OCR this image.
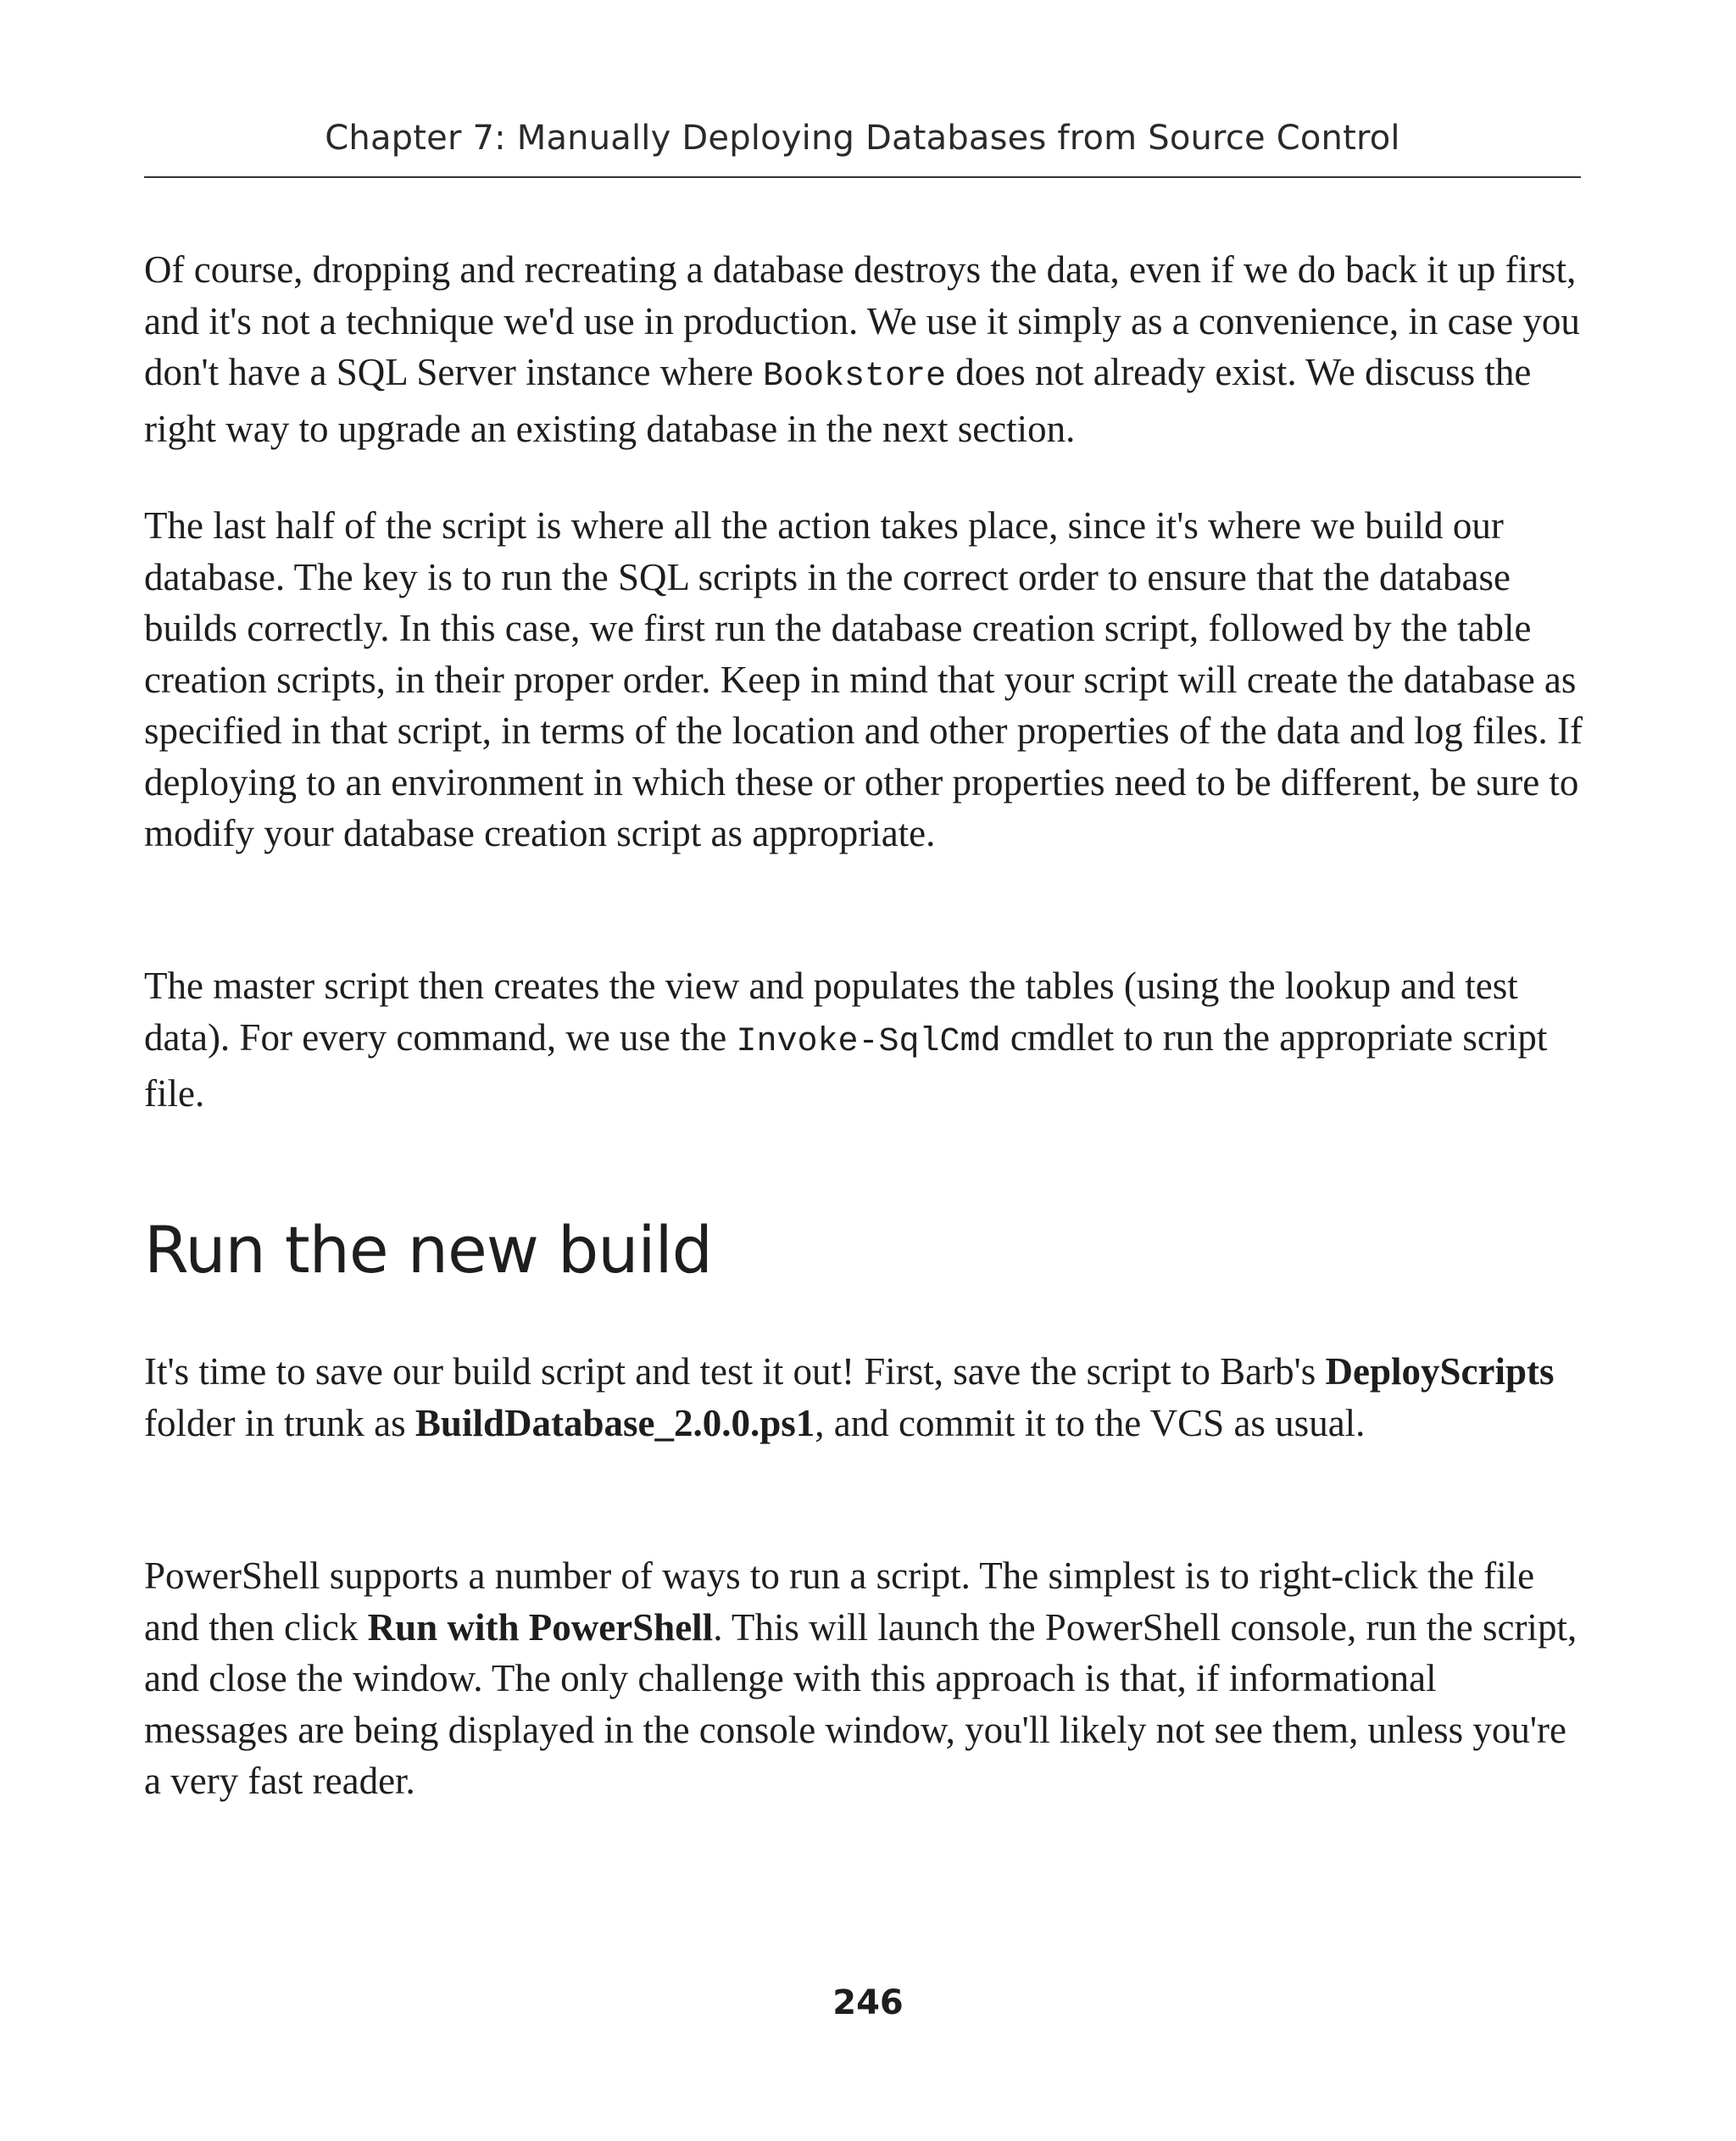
Chapter 7: Manually Deploying Databases from Source Control

Of course, dropping and recreating a database destroys the data, even if we do back it up first, and it's not a technique we'd use in production. We use it simply as a convenience, in case you don't have a SQL Server instance where Bookstore does not already exist. We discuss the right way to upgrade an existing database in the next section.

The last half of the script is where all the action takes place, since it's where we build our database. The key is to run the SQL scripts in the correct order to ensure that the database builds correctly. In this case, we first run the database creation script, followed by the table creation scripts, in their proper order. Keep in mind that your script will create the database as specified in that script, in terms of the location and other properties of the data and log files. If deploying to an environment in which these or other properties need to be different, be sure to modify your database creation script as appropriate.

The master script then creates the view and populates the tables (using the lookup and test data). For every command, we use the Invoke-SqlCmd cmdlet to run the appropriate script file.

Run the new build

It's time to save our build script and test it out! First, save the script to Barb's DeployScripts folder in trunk as BuildDatabase_2.0.0.ps1, and commit it to the VCS as usual.

PowerShell supports a number of ways to run a script. The simplest is to right-click the file and then click Run with PowerShell. This will launch the PowerShell console, run the script, and close the window. The only challenge with this approach is that, if informational messages are being displayed in the console window, you'll likely not see them, unless you're a very fast reader.

246
